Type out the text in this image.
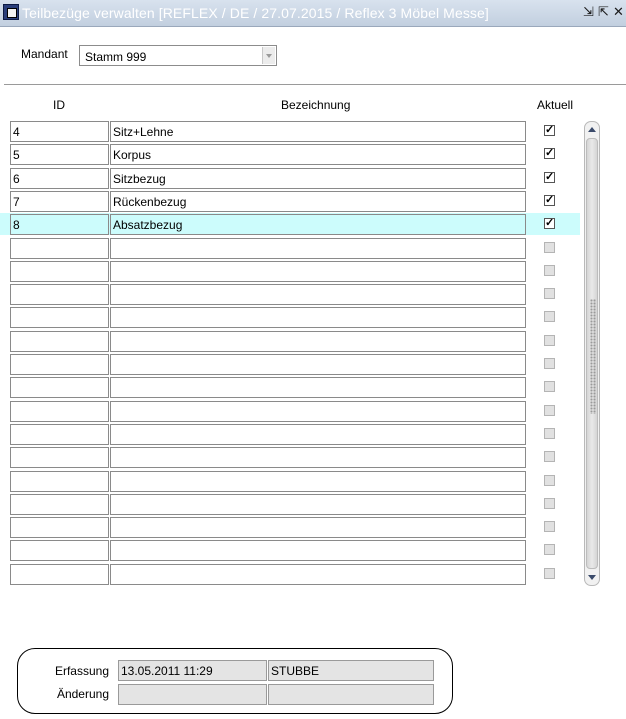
Teilbezüge verwalten [REFLEX / DE / 27.07.2015 / Reflex 3 Möbel Messe]	⇲ ⇱ ✕
Mandant Stamm 999
ID	Bezeichnung	Aktuell
4	Sitz+Lehne	✓
5	Korpus	✓
6	Sitzbezug	✓
7	Rückenbezug	✓
8	Absatzbezug	✓
Erfassung 13.05.2011 11:29	STUBBE
Änderung
